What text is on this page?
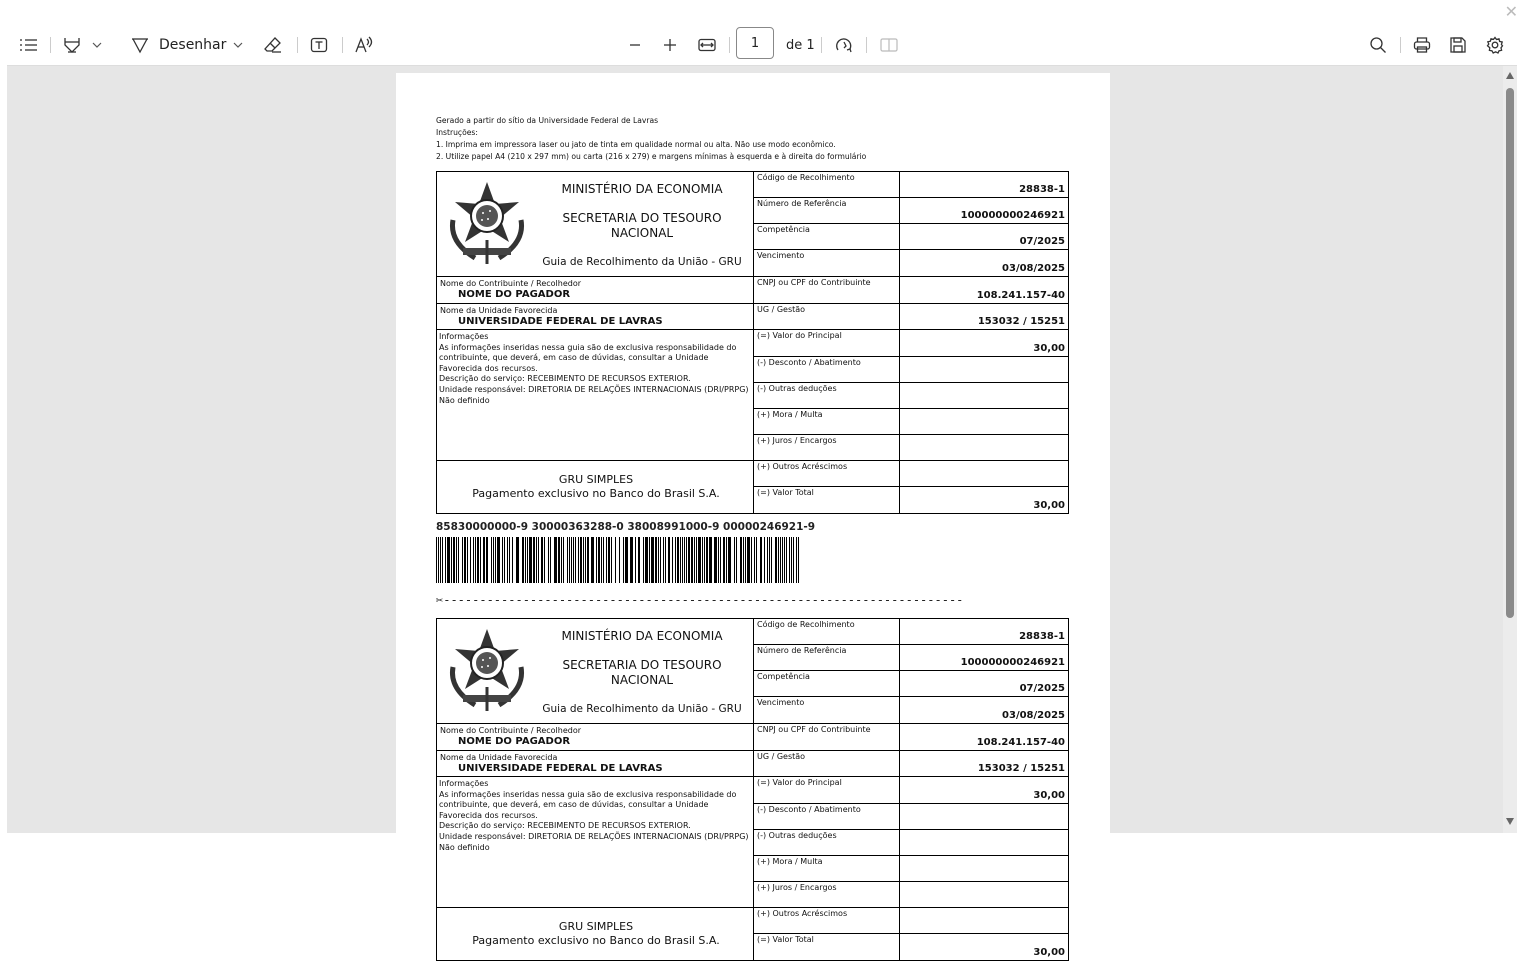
✕
Desenhar	1	de 1
Gerado a partir do sítio da Universidade Federal de Lavras
Instruções:
1. Imprima em impressora laser ou jato de tinta em qualidade normal ou alta. Não use modo econômico.
2. Utilize papel A4 (210 x 297 mm) ou carta (216 x 279) e margens mínimas à esquerda e à direita do formulário
MINISTÉRIO DA ECONOMIA
SECRETARIA DO TESOURO
NACIONAL
Guia de Recolhimento da União - GRU
Nome do Contribuinte / Recolhedor
NOME DO PAGADOR
Nome da Unidade Favorecida
UNIVERSIDADE FEDERAL DE LAVRAS
Informações
As informações inseridas nessa guia são de exclusiva responsabilidade do contribuinte, que deverá, em caso de dúvidas, consultar a Unidade Favorecida dos recursos.
Descrição do serviço: RECEBIMENTO DE RECURSOS EXTERIOR.
Unidade responsável: DIRETORIA DE RELAÇÕES INTERNACIONAIS (DRI/PRPG)
Não definido
GRU SIMPLES
Pagamento exclusivo no Banco do Brasil S.A.
Código de Recolhimento
28838-1
Número de Referência
100000000246921
Competência
07/2025
Vencimento
03/08/2025
CNPJ ou CPF do Contribuinte
108.241.157-40
UG / Gestão
153032 / 15251
(=) Valor do Principal
30,00
(-) Desconto / Abatimento
(-) Outras deduções
(+) Mora / Multa
(+) Juros / Encargos
(+) Outros Acréscimos
(=) Valor Total
30,00
MINISTÉRIO DA ECONOMIA
SECRETARIA DO TESOURO
NACIONAL
Guia de Recolhimento da União - GRU
Nome do Contribuinte / Recolhedor
NOME DO PAGADOR
Nome da Unidade Favorecida
UNIVERSIDADE FEDERAL DE LAVRAS
Informações
As informações inseridas nessa guia são de exclusiva responsabilidade do contribuinte, que deverá, em caso de dúvidas, consultar a Unidade Favorecida dos recursos.
Descrição do serviço: RECEBIMENTO DE RECURSOS EXTERIOR.
Unidade responsável: DIRETORIA DE RELAÇÕES INTERNACIONAIS (DRI/PRPG)
Não definido
GRU SIMPLES
Pagamento exclusivo no Banco do Brasil S.A.
Código de Recolhimento
28838-1
Número de Referência
100000000246921
Competência
07/2025
Vencimento
03/08/2025
CNPJ ou CPF do Contribuinte
108.241.157-40
UG / Gestão
153032 / 15251
(=) Valor do Principal
30,00
(-) Desconto / Abatimento
(-) Outras deduções
(+) Mora / Multa
(+) Juros / Encargos
(+) Outros Acréscimos
(=) Valor Total
30,00
85830000000-9 30000363288-0 38008991000-9 00000246921-9
✂------------------------------------------------------------------------
